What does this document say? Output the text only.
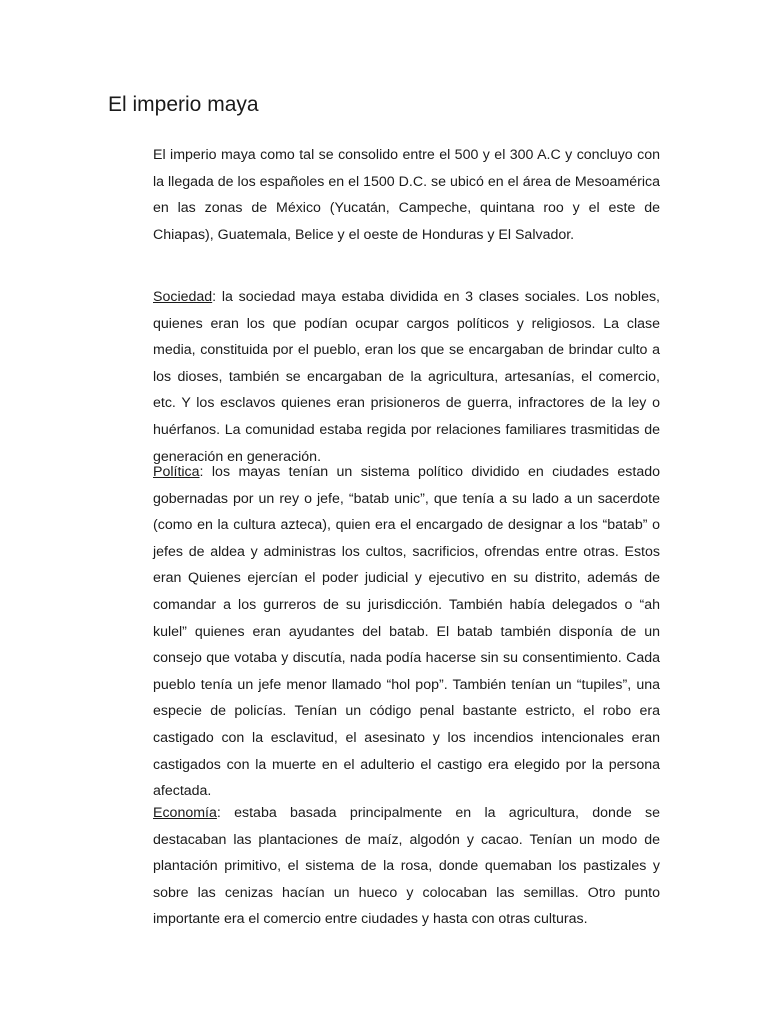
El imperio maya

El imperio maya como tal se consolido entre el 500 y el 300 A.C y concluyo con la llegada de los españoles en el 1500 D.C. se ubicó en el área de Mesoamérica en las zonas de México (Yucatán, Campeche, quintana roo y el este de Chiapas), Guatemala, Belice y el oeste de Honduras y El Salvador.

Sociedad: la sociedad maya estaba dividida en 3 clases sociales. Los nobles, quienes eran los que podían ocupar cargos políticos y religiosos. La clase media, constituida por el pueblo, eran los que se encargaban de brindar culto a los dioses, también se encargaban de la agricultura, artesanías, el comercio, etc. Y los esclavos quienes eran prisioneros de guerra, infractores de la ley o huérfanos. La comunidad estaba regida por relaciones familiares trasmitidas de generación en generación.

Política: los mayas tenían un sistema político dividido en ciudades estado gobernadas por un rey o jefe, “batab unic”, que tenía a su lado a un sacerdote (como en la cultura azteca), quien era el encargado de designar a los “batab” o jefes de aldea y administras los cultos, sacrificios, ofrendas entre otras. Estos eran Quienes ejercían el poder judicial y ejecutivo en su distrito, además de comandar a los gurreros de su jurisdicción. También había delegados o “ah kulel” quienes eran ayudantes del batab. El batab también disponía de un consejo que votaba y discutía, nada podía hacerse sin su consentimiento. Cada pueblo tenía un jefe menor llamado “hol pop”. También tenían un “tupiles”, una especie de policías. Tenían un código penal bastante estricto, el robo era castigado con la esclavitud, el asesinato y los incendios intencionales eran castigados con la muerte en el adulterio el castigo era elegido por la persona afectada.

Economía: estaba basada principalmente en la agricultura, donde se destacaban las plantaciones de maíz, algodón y cacao. Tenían un modo de plantación primitivo, el sistema de la rosa, donde quemaban los pastizales y sobre las cenizas hacían un hueco y colocaban las semillas. Otro punto importante era el comercio entre ciudades y hasta con otras culturas.
